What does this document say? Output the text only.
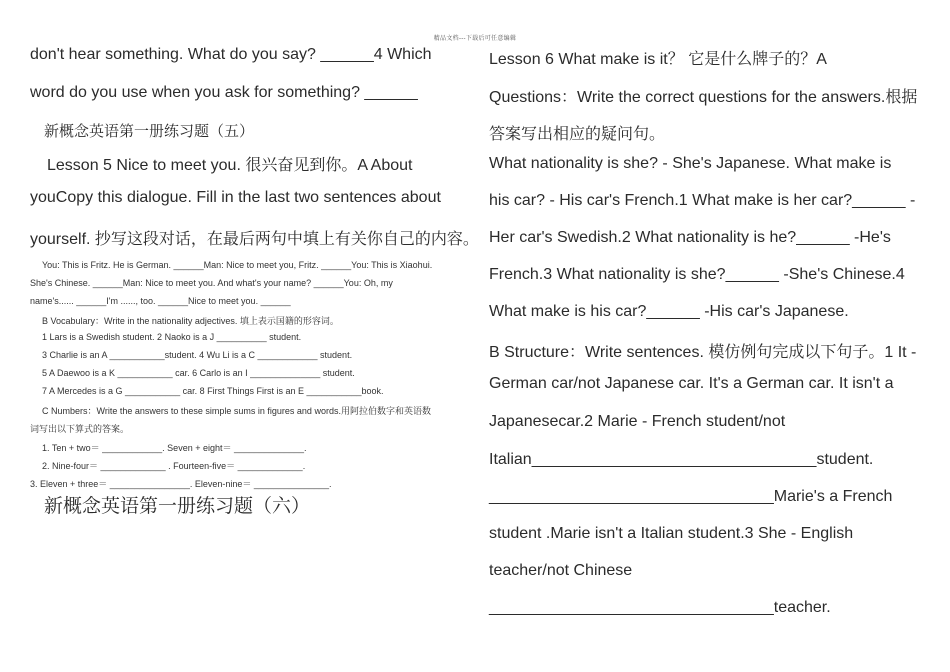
精品文档---下载后可任意编辑
don't hear something. What do you say? ______4 Which
word do you use when you ask for something? ______
新概念英语第一册练习题（五）
Lesson 5 Nice to meet you. 很兴奋见到你。A About
youCopy this dialogue. Fill in the last two sentences about
yourself. 抄写这段对话，在最后两句中填上有关你自己的内容。
You: This is Fritz. He is German. ______Man: Nice to meet you, Fritz. ______You: This is Xiaohui.
She's Chinese. ______Man: Nice to meet you. And what's your name? ______You: Oh, my
name's...... ______I'm ......, too. ______Nice to meet you. ______
B Vocabulary：Write in the nationality adjectives. 填上表示国籍的形容词。
1 Lars is a Swedish student. 2 Naoko is a J __________ student.
3 Charlie is an A ___________student. 4 Wu Li is a C ____________ student.
5 A Daewoo is a K ___________ car. 6 Carlo is an I ______________ student.
7 A Mercedes is a G ___________ car. 8 First Things First is an E ___________book.
C Numbers：Write the answers to these simple sums in figures and words.用阿拉伯数字和英语数
词写出以下算式的答案。
1. Ten + two＝ ____________. Seven + eight＝ ______________.
2. Nine-four＝ _____________ . Fourteen-five＝ _____________.
3. Eleven + three＝ ________________. Eleven-nine＝ _______________.
新概念英语第一册练习题（六）
Lesson 6 What make is it？ 它是什么牌子的？A
Questions：Write the correct questions for the answers.根据
答案写出相应的疑问句。
What nationality is she? - She's Japanese. What make is
his car? - His car's French.1 What make is her car?______ -
Her car's Swedish.2 What nationality is he?______ -He's
French.3 What nationality is she?______ -She's Chinese.4
What make is his car?______ -His car's Japanese.
B Structure：Write sentences. 模仿例句完成以下句子。1 It -
German car/not Japanese car. It's a German car. It isn't a
Japanesecar.2 Marie - French student/not
Italian________________________________student.
________________________________Marie's a French
student .Marie isn't a Italian student.3 She - English
teacher/not Chinese
________________________________teacher.
